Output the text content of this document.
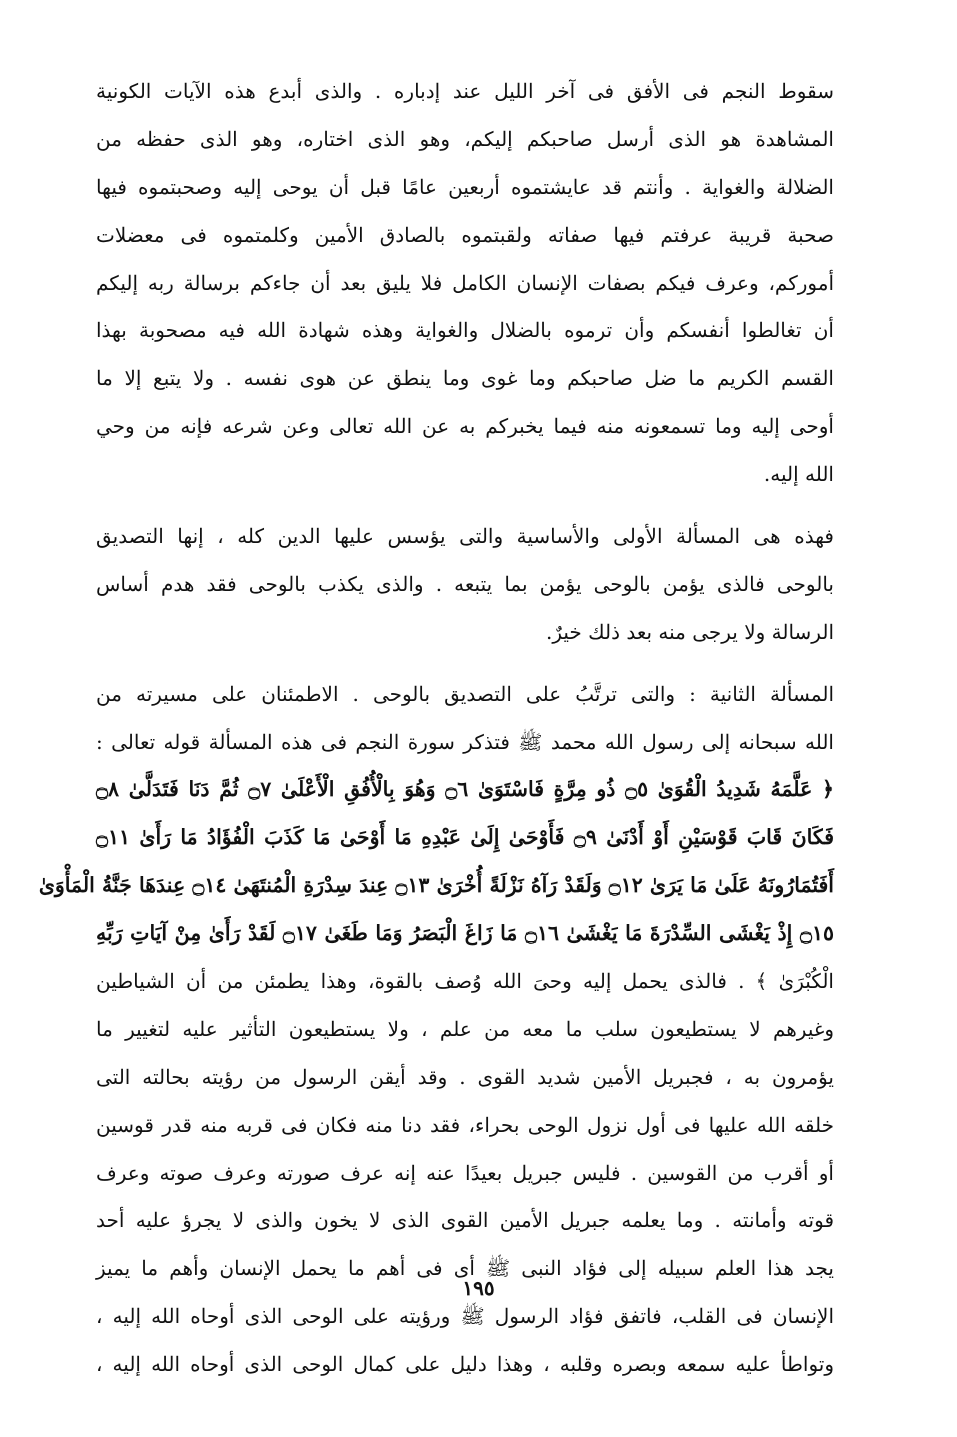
سقوط النجم فى الأفق فى آخر الليل عند إدباره . والذى أبدع هذه الآيات الكونية
المشاهدة هو الذى أرسل صاحبكم إليكم، وهو الذى اختاره، وهو الذى حفظه من
الضلالة والغواية . وأنتم قد عايشتموه أربعين عامًا قبل أن يوحى إليه وصحبتموه فيها
صحبة قريبة عرفتم فيها صفاته ولقبتموه بالصادق الأمين وكلمتموه فى معضلات
أموركم، وعرف فيكم بصفات الإنسان الكامل فلا يليق بعد أن جاءكم برسالة ربه إليكم
أن تغالطوا أنفسكم وأن ترموه بالضلال والغواية وهذه شهادة الله فيه مصحوبة بهذا
القسم الكريم ما ضل صاحبكم وما غوى وما ينطق عن هوى نفسه . ولا يتبع إلا ما
أوحى إليه وما تسمعونه منه فيما يخبركم به عن الله تعالى وعن شرعه فإنه من وحي
الله إليه.
فهذه هى المسألة الأولى والأساسية والتى يؤسس عليها الدين كله ، إنها التصديق
بالوحى فالذى يؤمن بالوحى يؤمن بما يتبعه . والذى يكذب بالوحى فقد هدم أساس
الرسالة ولا يرجى منه بعد ذلك خيرٌ.
المسألة الثانية : والتى ترتَّبُ على التصديق بالوحى . الاطمئنان على مسيرته من
الله سبحانه إلى رسول الله محمد ﷺ فتذكر سورة النجم فى هذه المسألة قوله تعالى :
﴿ عَلَّمَهُ شَدِيدُ الْقُوَىٰ ۝٥ ذُو مِرَّةٍ فَاسْتَوَىٰ ۝٦ وَهُوَ بِالْأُفُقِ الْأَعْلَىٰ ۝٧ ثُمَّ دَنَا فَتَدَلَّىٰ ۝٨
فَكَانَ قَابَ قَوْسَيْنِ أَوْ أَدْنَىٰ ۝٩ فَأَوْحَىٰ إِلَىٰ عَبْدِهِ مَا أَوْحَىٰ مَا كَذَبَ الْفُؤَادُ مَا رَأَىٰ ۝١١
أَفَتُمَارُونَهُ عَلَىٰ مَا يَرَىٰ ۝١٢ وَلَقَدْ رَآهُ نَزْلَةً أُخْرَىٰ ۝١٣ عِندَ سِدْرَةِ الْمُنتَهَىٰ ۝١٤ عِندَهَا جَنَّةُ الْمَأْوَىٰ
۝١٥ إِذْ يَغْشَى السِّدْرَةَ مَا يَغْشَىٰ ۝١٦ مَا زَاغَ الْبَصَرُ وَمَا طَغَىٰ ۝١٧ لَقَدْ رَأَىٰ مِنْ آيَاتِ رَبِّهِ
الْكُبْرَىٰ ﴾ . فالذى يحمل إليه وحىَ الله وُصف بالقوة، وهذا يطمئن من أن الشياطين
وغيرهم لا يستطيعون سلب ما معه من علم ، ولا يستطيعون التأثير عليه لتغيير ما
يؤمرون به ، فجبريل الأمين شديد القوى . وقد أيقن الرسول من رؤيته بحالته التى
خلقه الله عليها فى أول نزول الوحى بحراء، فقد دنا منه فكان فى قربه منه قدر قوسين
أو أقرب من القوسين . فليس جبريل بعيدًا عنه إنه عرف صورته وعرف صوته وعرف
قوته وأمانته . وما يعلمه جبريل الأمين القوى الذى لا يخون والذى لا يجرؤ عليه أحد
يجد هذا العلم سبيله إلى فؤاد النبى ﷺ أى فى أهم ما يحمل الإنسان وأهم ما يميز
الإنسان فى القلب، فاتفق فؤاد الرسول ﷺ ورؤيته على الوحى الذى أوحاه الله إليه ،
وتواطأ عليه سمعه وبصره وقلبه ، وهذا دليل على كمال الوحى الذى أوحاه الله إليه ،
١٩٥
